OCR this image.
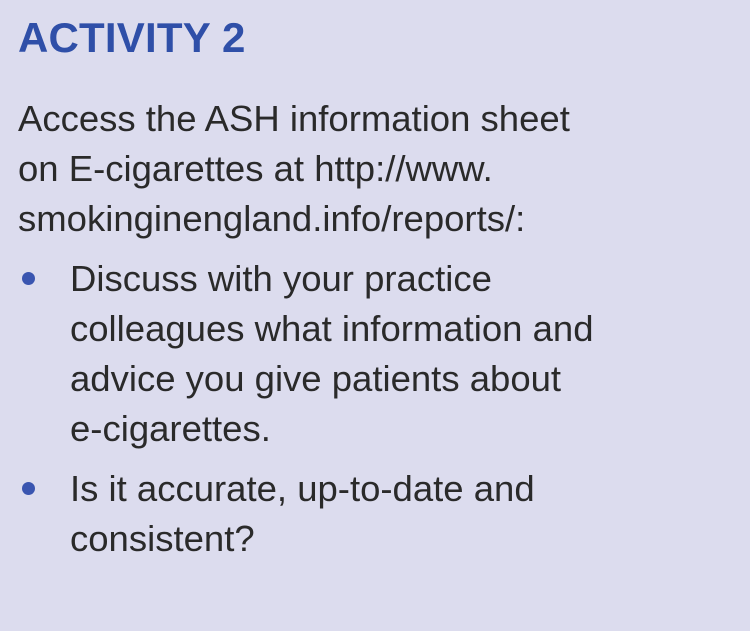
ACTIVITY 2

Access the ASH information sheet
on E-cigarettes at http://www.
smokinginengland.info/reports/:

Discuss with your practice
colleagues what information and
advice you give patients about
e-cigarettes.
Is it accurate, up-to-date and
consistent?
